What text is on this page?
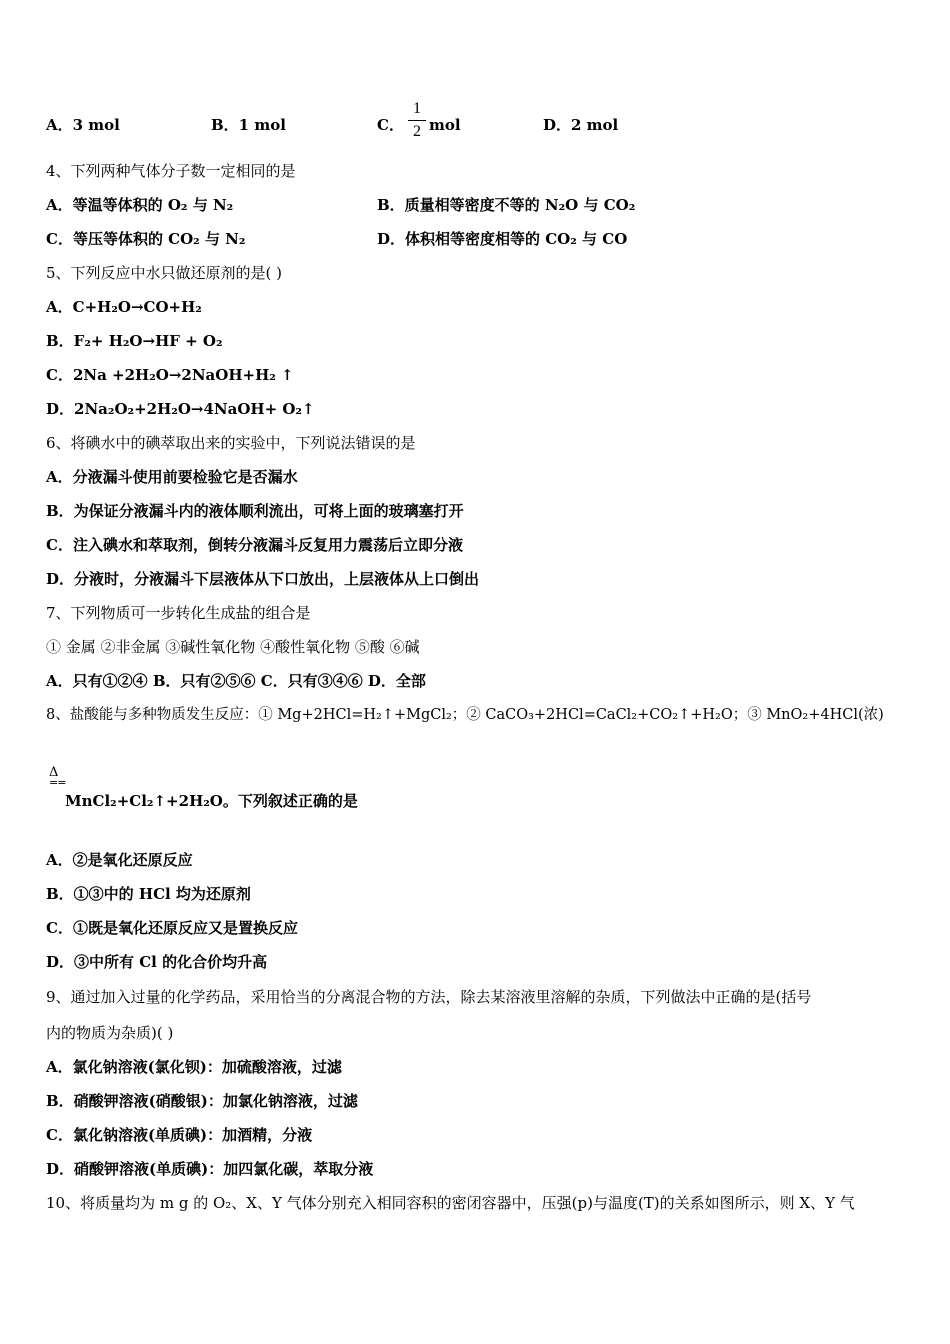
A．3 mol	B．1 mol	C．
1
2 mol	D．2 mol
4、下列两种气体分子数一定相同的是
A．等温等体积的 O₂ 与 N₂	B．质量相等密度不等的 N₂O 与 CO₂
C．等压等体积的 CO₂ 与 N₂	D．体积相等密度相等的 CO₂ 与 CO
5、下列反应中水只做还原剂的是( )
A．C+H₂O→CO+H₂
B．F₂+ H₂O→HF + O₂
C．2Na +2H₂O→2NaOH+H₂ ↑
D．2Na₂O₂+2H₂O→4NaOH+ O₂↑
6、将碘水中的碘萃取出来的实验中，下列说法错误的是
A．分液漏斗使用前要检验它是否漏水
B．为保证分液漏斗内的液体顺利流出，可将上面的玻璃塞打开
C．注入碘水和萃取剂，倒转分液漏斗反复用力震荡后立即分液
D．分液时，分液漏斗下层液体从下口放出，上层液体从上口倒出
7、下列物质可一步转化生成盐的组合是
① 金属 ②非金属 ③碱性氧化物 ④酸性氧化物 ⑤酸 ⑥碱
A．只有①②④ B．只有②⑤⑥ C．只有③④⑥ D．全部
8、盐酸能与多种物质发生反应：① Mg+2HCl=H₂↑+MgCl₂；② CaCO₃+2HCl=CaCl₂+CO₂↑+H₂O；③ MnO₂+4HCl(浓)
Δ
==
MnCl₂+Cl₂↑+2H₂O。下列叙述正确的是
A．②是氧化还原反应
B．①③中的 HCl 均为还原剂
C．①既是氧化还原反应又是置换反应
D．③中所有 Cl 的化合价均升高
9、通过加入过量的化学药品，采用恰当的分离混合物的方法，除去某溶液里溶解的杂质，下列做法中正确的是(括号
内的物质为杂质)( )
A．氯化钠溶液(氯化钡)：加硫酸溶液，过滤
B．硝酸钾溶液(硝酸银)：加氯化钠溶液，过滤
C．氯化钠溶液(单质碘)：加酒精，分液
D．硝酸钾溶液(单质碘)：加四氯化碳，萃取分液
10、将质量均为 m g 的 O₂、X、Y 气体分别充入相同容积的密闭容器中，压强(p)与温度(T)的关系如图所示，则 X、Y 气
